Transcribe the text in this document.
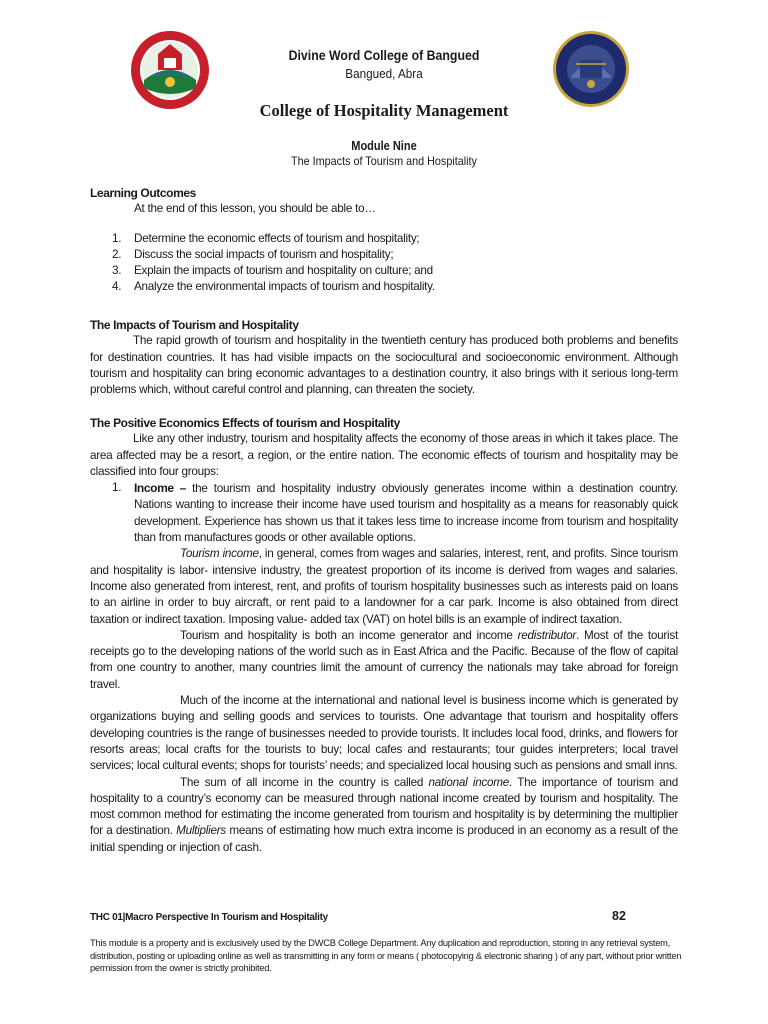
Divine Word College of Bangued
Bangued, Abra
College of Hospitality Management
Module Nine
The Impacts of Tourism and Hospitality
Learning Outcomes
At the end of this lesson, you should be able to…
1. Determine the economic effects of tourism and hospitality;
2. Discuss the social impacts of tourism and hospitality;
3. Explain the impacts of tourism and hospitality on culture; and
4. Analyze the environmental impacts of tourism and hospitality.
The Impacts of Tourism and Hospitality

The rapid growth of tourism and hospitality in the twentieth century has produced both problems and benefits for destination countries. It has had visible impacts on the sociocultural and socioeconomic environment. Although tourism and hospitality can bring economic advantages to a destination country, it also brings with it serious long-term problems which, without careful control and planning, can threaten the society.

The Positive Economics Effects of tourism and Hospitality

Like any other industry, tourism and hospitality affects the economy of those areas in which it takes place. The area affected may be a resort, a region, or the entire nation. The economic effects of tourism and hospitality may be classified into four groups:

1. Income – the tourism and hospitality industry obviously generates income within a destination country. Nations wanting to increase their income have used tourism and hospitality as a means for reasonably quick development. Experience has shown us that it takes less time to increase income from tourism and hospitality than from manufactures goods or other available options.

Tourism income, in general, comes from wages and salaries, interest, rent, and profits. Since tourism and hospitality is labor- intensive industry, the greatest proportion of its income is derived from wages and salaries. Income also generated from interest, rent, and profits of tourism hospitality businesses such as interests paid on loans to an airline in order to buy aircraft, or rent paid to a landowner for a car park. Income is also obtained from direct taxation or indirect taxation. Imposing value- added tax (VAT) on hotel bills is an example of indirect taxation.

Tourism and hospitality is both an income generator and income redistributor. Most of the tourist receipts go to the developing nations of the world such as in East Africa and the Pacific. Because of the flow of capital from one country to another, many countries limit the amount of currency the nationals may take abroad for foreign travel.

Much of the income at the international and national level is business income which is generated by organizations buying and selling goods and services to tourists. One advantage that tourism and hospitality offers developing countries is the range of businesses needed to provide tourists. It includes local food, drinks, and flowers for resorts areas; local crafts for the tourists to buy; local cafes and restaurants; tour guides interpreters; local travel services; local cultural events; shops for tourists’ needs; and specialized local housing such as pensions and small inns.

The sum of all income in the country is called national income. The importance of tourism and hospitality to a country’s economy can be measured through national income created by tourism and hospitality. The most common method for estimating the income generated from tourism and hospitality is by determining the multiplier for a destination. Multipliers means of estimating how much extra income is produced in an economy as a result of the initial spending or injection of cash.

THC 01|Macro Perspective In Tourism and Hospitality	82
This module is a property and is exclusively used by the DWCB College Department. Any duplication and reproduction, storing in any retrieval system, distribution, posting or uploading online as well as transmitting in any form or means ( photocopying & electronic sharing ) of any part, without prior written permission from the owner is strictly prohibited.
